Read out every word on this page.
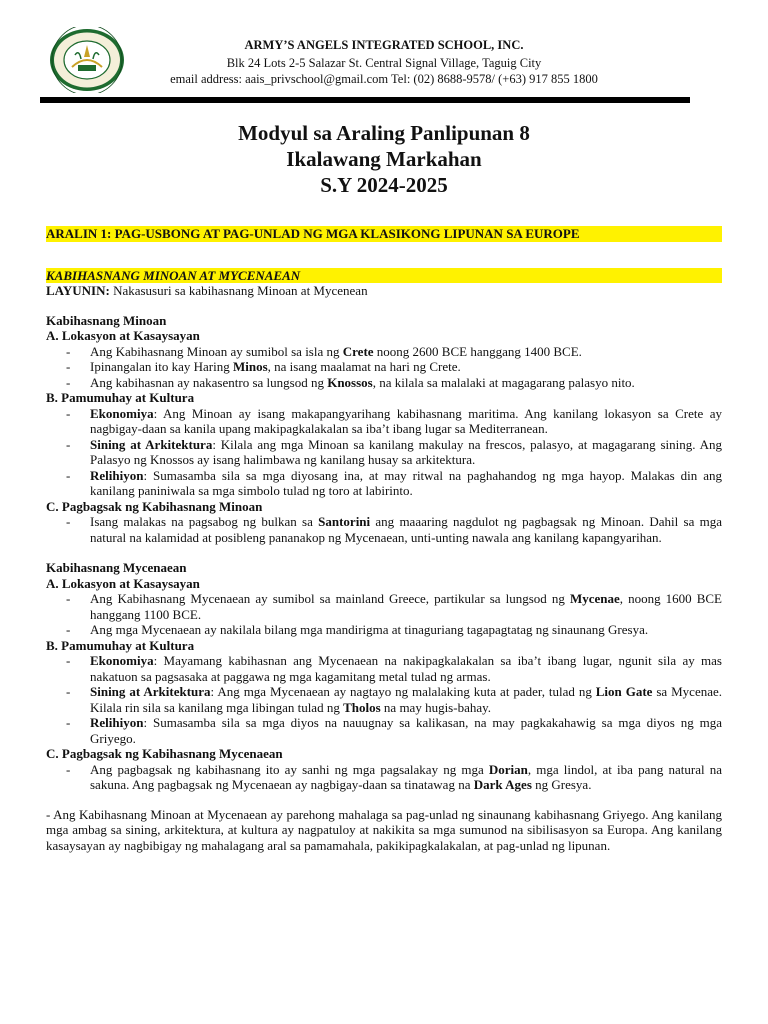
ARMY’S ANGELS INTEGRATED SCHOOL, INC.
Blk 24 Lots 2-5 Salazar St. Central Signal Village, Taguig City
email address: aais_privschool@gmail.com Tel: (02) 8688-9578/ (+63) 917 855 1800
Modyul sa Araling Panlipunan 8
Ikalawang Markahan
S.Y 2024-2025
ARALIN 1: PAG-USBONG AT PAG-UNLAD NG MGA KLASIKONG LIPUNAN SA EUROPE
KABIHASNANG MINOAN AT MYCENAEAN
LAYUNIN: Nakasusuri sa kabihasnang Minoan at Mycenean
Kabihasnang Minoan
A. Lokasyon at Kasaysayan
- Ang Kabihasnang Minoan ay sumibol sa isla ng Crete noong 2600 BCE hanggang 1400 BCE.
- Ipinangalan ito kay Haring Minos, na isang maalamat na hari ng Crete.
- Ang kabihasnan ay nakasentro sa lungsod ng Knossos, na kilala sa malalaki at magagarang palasyo nito.
B. Pamumuhay at Kultura
- Ekonomiya: Ang Minoan ay isang makapangyarihang kabihasnang maritima. Ang kanilang lokasyon sa Crete ay nagbigay-daan sa kanila upang makipagkalakalan sa iba’t ibang lugar sa Mediterranean.
- Sining at Arkitektura: Kilala ang mga Minoan sa kanilang makulay na frescos, palasyo, at magagarang sining. Ang Palasyo ng Knossos ay isang halimbawa ng kanilang husay sa arkitektura.
- Relihiyon: Sumasamba sila sa mga diyosang ina, at may ritwal na paghahandog ng mga hayop. Malakas din ang kanilang paniniwala sa mga simbolo tulad ng toro at labirinto.
C. Pagbagsak ng Kabihasnang Minoan
- Isang malakas na pagsabog ng bulkan sa Santorini ang maaaring nagdulot ng pagbagsak ng Minoan. Dahil sa mga natural na kalamidad at posibleng pananakop ng Mycenaean, unti-unting nawala ang kanilang kapangyarihan.
Kabihasnang Mycenaean
A. Lokasyon at Kasaysayan
- Ang Kabihasnang Mycenaean ay sumibol sa mainland Greece, partikular sa lungsod ng Mycenae, noong 1600 BCE hanggang 1100 BCE.
- Ang mga Mycenaean ay nakilala bilang mga mandirigma at tinaguriang tagapagtatag ng sinaunang Gresya.
B. Pamumuhay at Kultura
- Ekonomiya: Mayamang kabihasnan ang Mycenaean na nakipagkalakalan sa iba’t ibang lugar, ngunit sila ay mas nakatuon sa pagsasaka at paggawa ng mga kagamitang metal tulad ng armas.
- Sining at Arkitektura: Ang mga Mycenaean ay nagtayo ng malalaking kuta at pader, tulad ng Lion Gate sa Mycenae. Kilala rin sila sa kanilang mga libingan tulad ng Tholos na may hugis-bahay.
- Relihiyon: Sumasamba sila sa mga diyos na nauugnay sa kalikasan, na may pagkakahawig sa mga diyos ng mga Griyego.
C. Pagbagsak ng Kabihasnang Mycenaean
- Ang pagbagsak ng kabihasnang ito ay sanhi ng mga pagsalakay ng mga Dorian, mga lindol, at iba pang natural na sakuna. Ang pagbagsak ng Mycenaean ay nagbigay-daan sa tinatawag na Dark Ages ng Gresya.
- Ang Kabihasnang Minoan at Mycenaean ay parehong mahalaga sa pag-unlad ng sinaunang kabihasnang Griyego. Ang kanilang mga ambag sa sining, arkitektura, at kultura ay nagpatuloy at nakikita sa mga sumunod na sibilisasyon sa Europa. Ang kanilang kasaysayan ay nagbibigay ng mahalagang aral sa pamamahala, pakikipagkalakalan, at pag-unlad ng lipunan.
